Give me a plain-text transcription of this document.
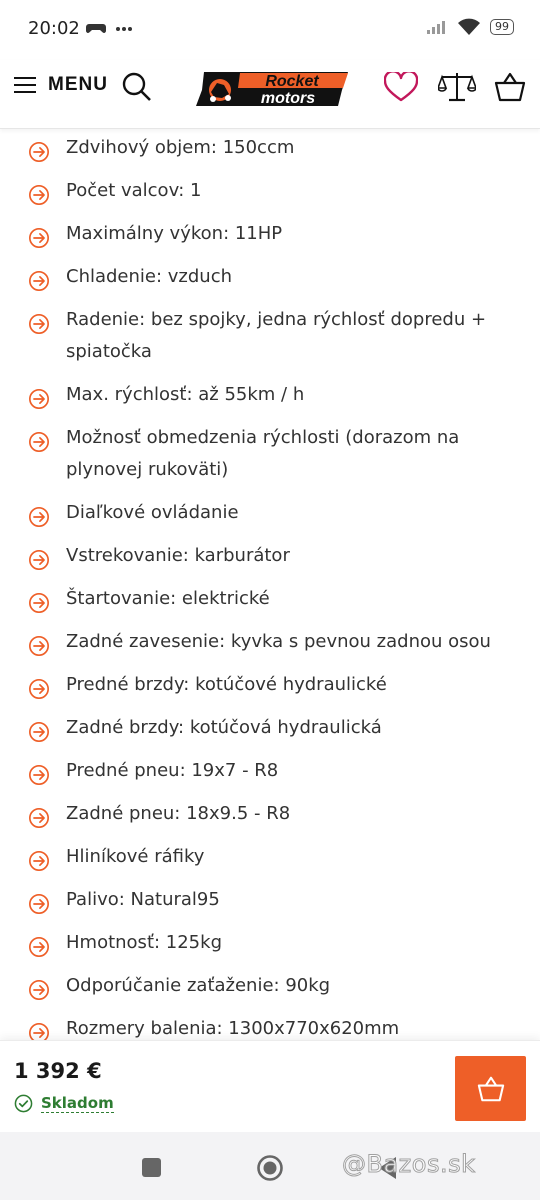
20:02
	99
MENU	Rocket
motors
Zdvihový objem: 150ccm
Počet valcov: 1
Maximálny výkon: 11HP
Chladenie: vzduch
Radenie: bez spojky, jedna rýchlosť dopredu + spiatočka
Max. rýchlosť: až 55km / h
Možnosť obmedzenia rýchlosti (dorazom na plynovej rukoväti)
Diaľkové ovládanie
Vstrekovanie: karburátor
Štartovanie: elektrické
Zadné zavesenie: kyvka s pevnou zadnou osou
Predné brzdy: kotúčové hydraulické
Zadné brzdy: kotúčová hydraulická
Predné pneu: 19x7 - R8
Zadné pneu: 18x9.5 - R8
Hliníkové ráfiky
Palivo: Natural95
Hmotnosť: 125kg
Odporúčanie zaťaženie: 90kg
Rozmery balenia: 1300x770x620mm
1 392 €
Skladom
@Bazos.sk
